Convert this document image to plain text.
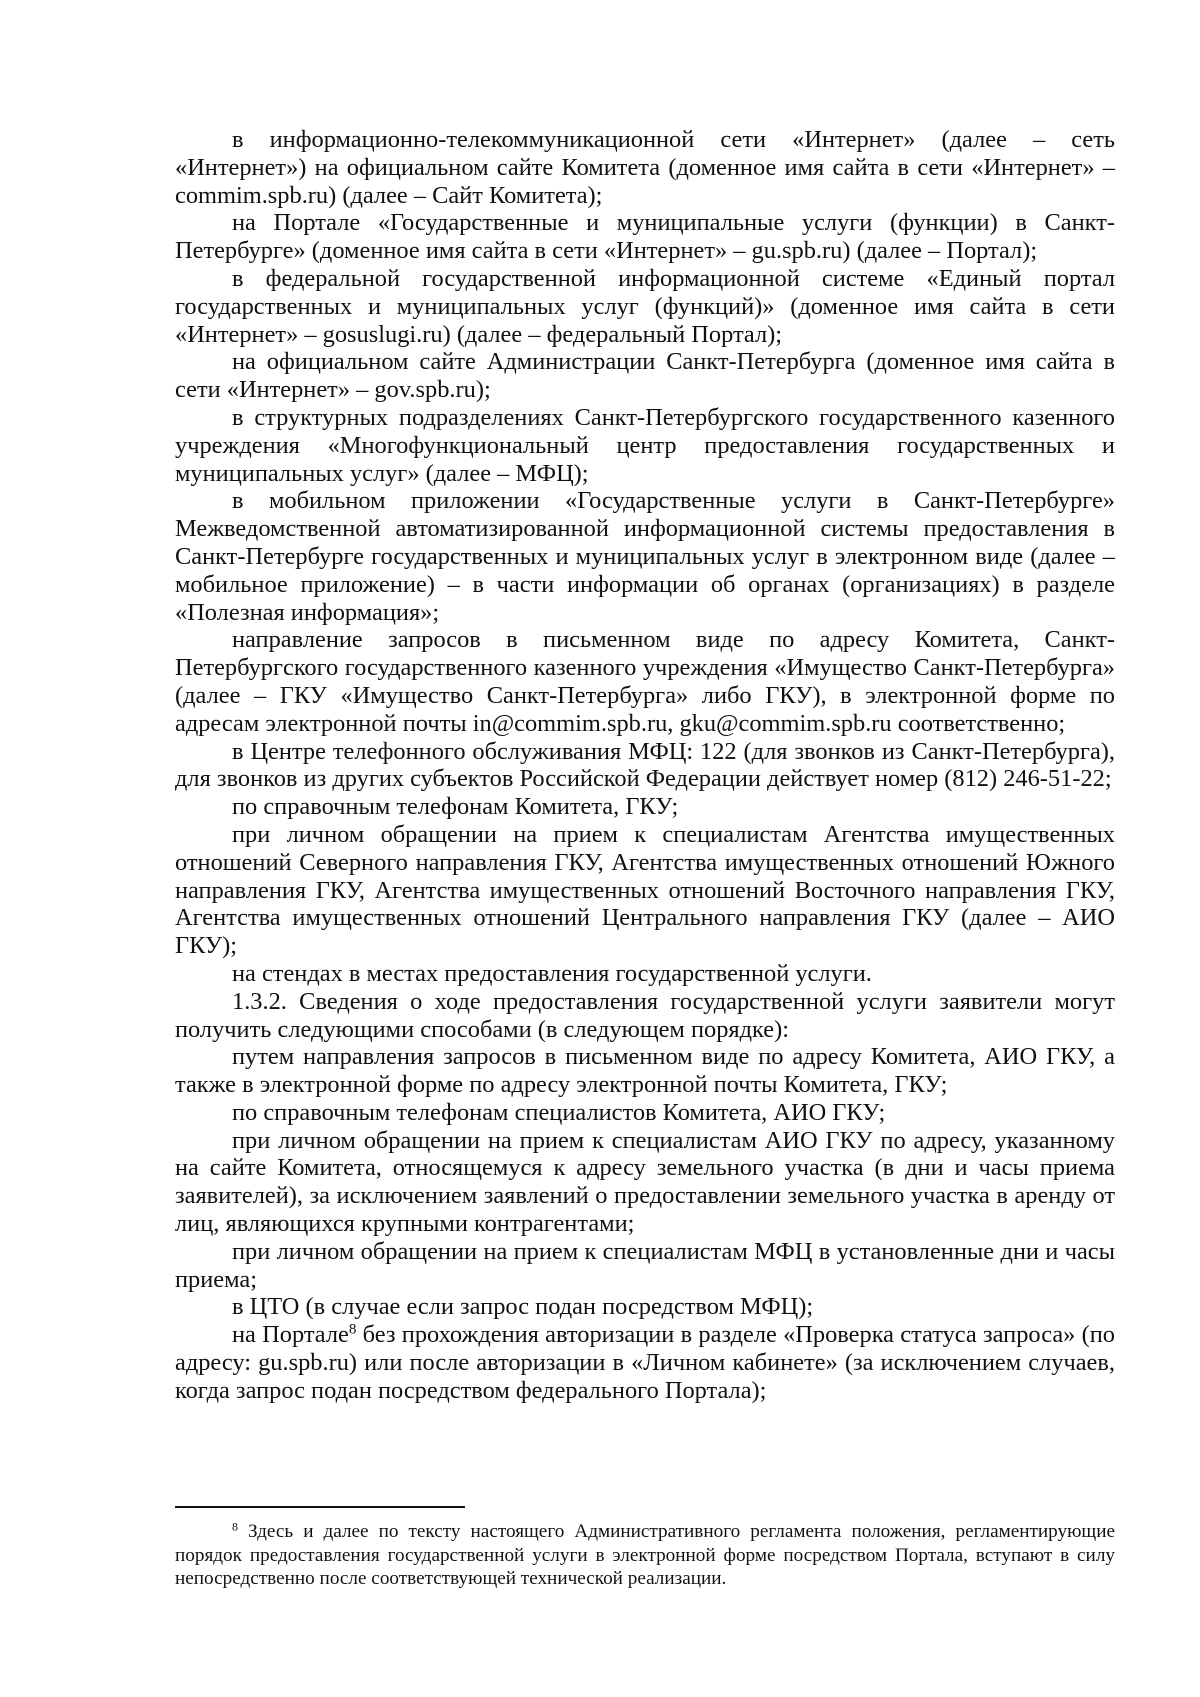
в информационно-телекоммуникационной сети «Интернет» (далее – сеть «Интернет») на официальном сайте Комитета (доменное имя сайта в сети «Интернет» – commim.spb.ru) (далее – Сайт Комитета);

на Портале «Государственные и муниципальные услуги (функции) в Санкт-Петербурге» (доменное имя сайта в сети «Интернет» – gu.spb.ru) (далее – Портал);

в федеральной государственной информационной системе «Единый портал государственных и муниципальных услуг (функций)» (доменное имя сайта в сети «Интернет» – gosuslugi.ru) (далее – федеральный Портал);

на официальном сайте Администрации Санкт-Петербурга (доменное имя сайта в сети «Интернет» – gov.spb.ru);

в структурных подразделениях Санкт-Петербургского государственного казенного учреждения «Многофункциональный центр предоставления государственных и муниципальных услуг» (далее – МФЦ);

в мобильном приложении «Государственные услуги в Санкт-Петербурге» Межведомственной автоматизированной информационной системы предоставления в Санкт-Петербурге государственных и муниципальных услуг в электронном виде (далее – мобильное приложение) – в части информации об органах (организациях) в разделе «Полезная информация»;

направление запросов в письменном виде по адресу Комитета, Санкт-Петербургского государственного казенного учреждения «Имущество Санкт-Петербурга» (далее – ГКУ «Имущество Санкт-Петербурга» либо ГКУ), в электронной форме по адресам электронной почты in@commim.spb.ru, gku@commim.spb.ru соответственно;

в Центре телефонного обслуживания МФЦ: 122 (для звонков из Санкт-Петербурга), для звонков из других субъектов Российской Федерации действует номер (812) 246-51-22;

по справочным телефонам Комитета, ГКУ;

при личном обращении на прием к специалистам Агентства имущественных отношений Северного направления ГКУ, Агентства имущественных отношений Южного направления ГКУ, Агентства имущественных отношений Восточного направления ГКУ, Агентства имущественных отношений Центрального направления ГКУ (далее – АИО ГКУ);

на стендах в местах предоставления государственной услуги.

1.3.2. Сведения о ходе предоставления государственной услуги заявители могут получить следующими способами (в следующем порядке):

путем направления запросов в письменном виде по адресу Комитета, АИО ГКУ, а также в электронной форме по адресу электронной почты Комитета, ГКУ;

по справочным телефонам специалистов Комитета, АИО ГКУ;

при личном обращении на прием к специалистам АИО ГКУ по адресу, указанному на сайте Комитета, относящемуся к адресу земельного участка (в дни и часы приема заявителей), за исключением заявлений о предоставлении земельного участка в аренду от лиц, являющихся крупными контрагентами;

при личном обращении на прием к специалистам МФЦ в установленные дни и часы приема;

в ЦТО (в случае если запрос подан посредством МФЦ);

на Портале$^8$ без прохождения авторизации в разделе «Проверка статуса запроса» (по адресу: gu.spb.ru) или после авторизации в «Личном кабинете» (за исключением случаев, когда запрос подан посредством федерального Портала);

$^8$ Здесь и далее по тексту настоящего Административного регламента положения, регламентирующие порядок предоставления государственной услуги в электронной форме посредством Портала, вступают в силу непосредственно после соответствующей технической реализации.
